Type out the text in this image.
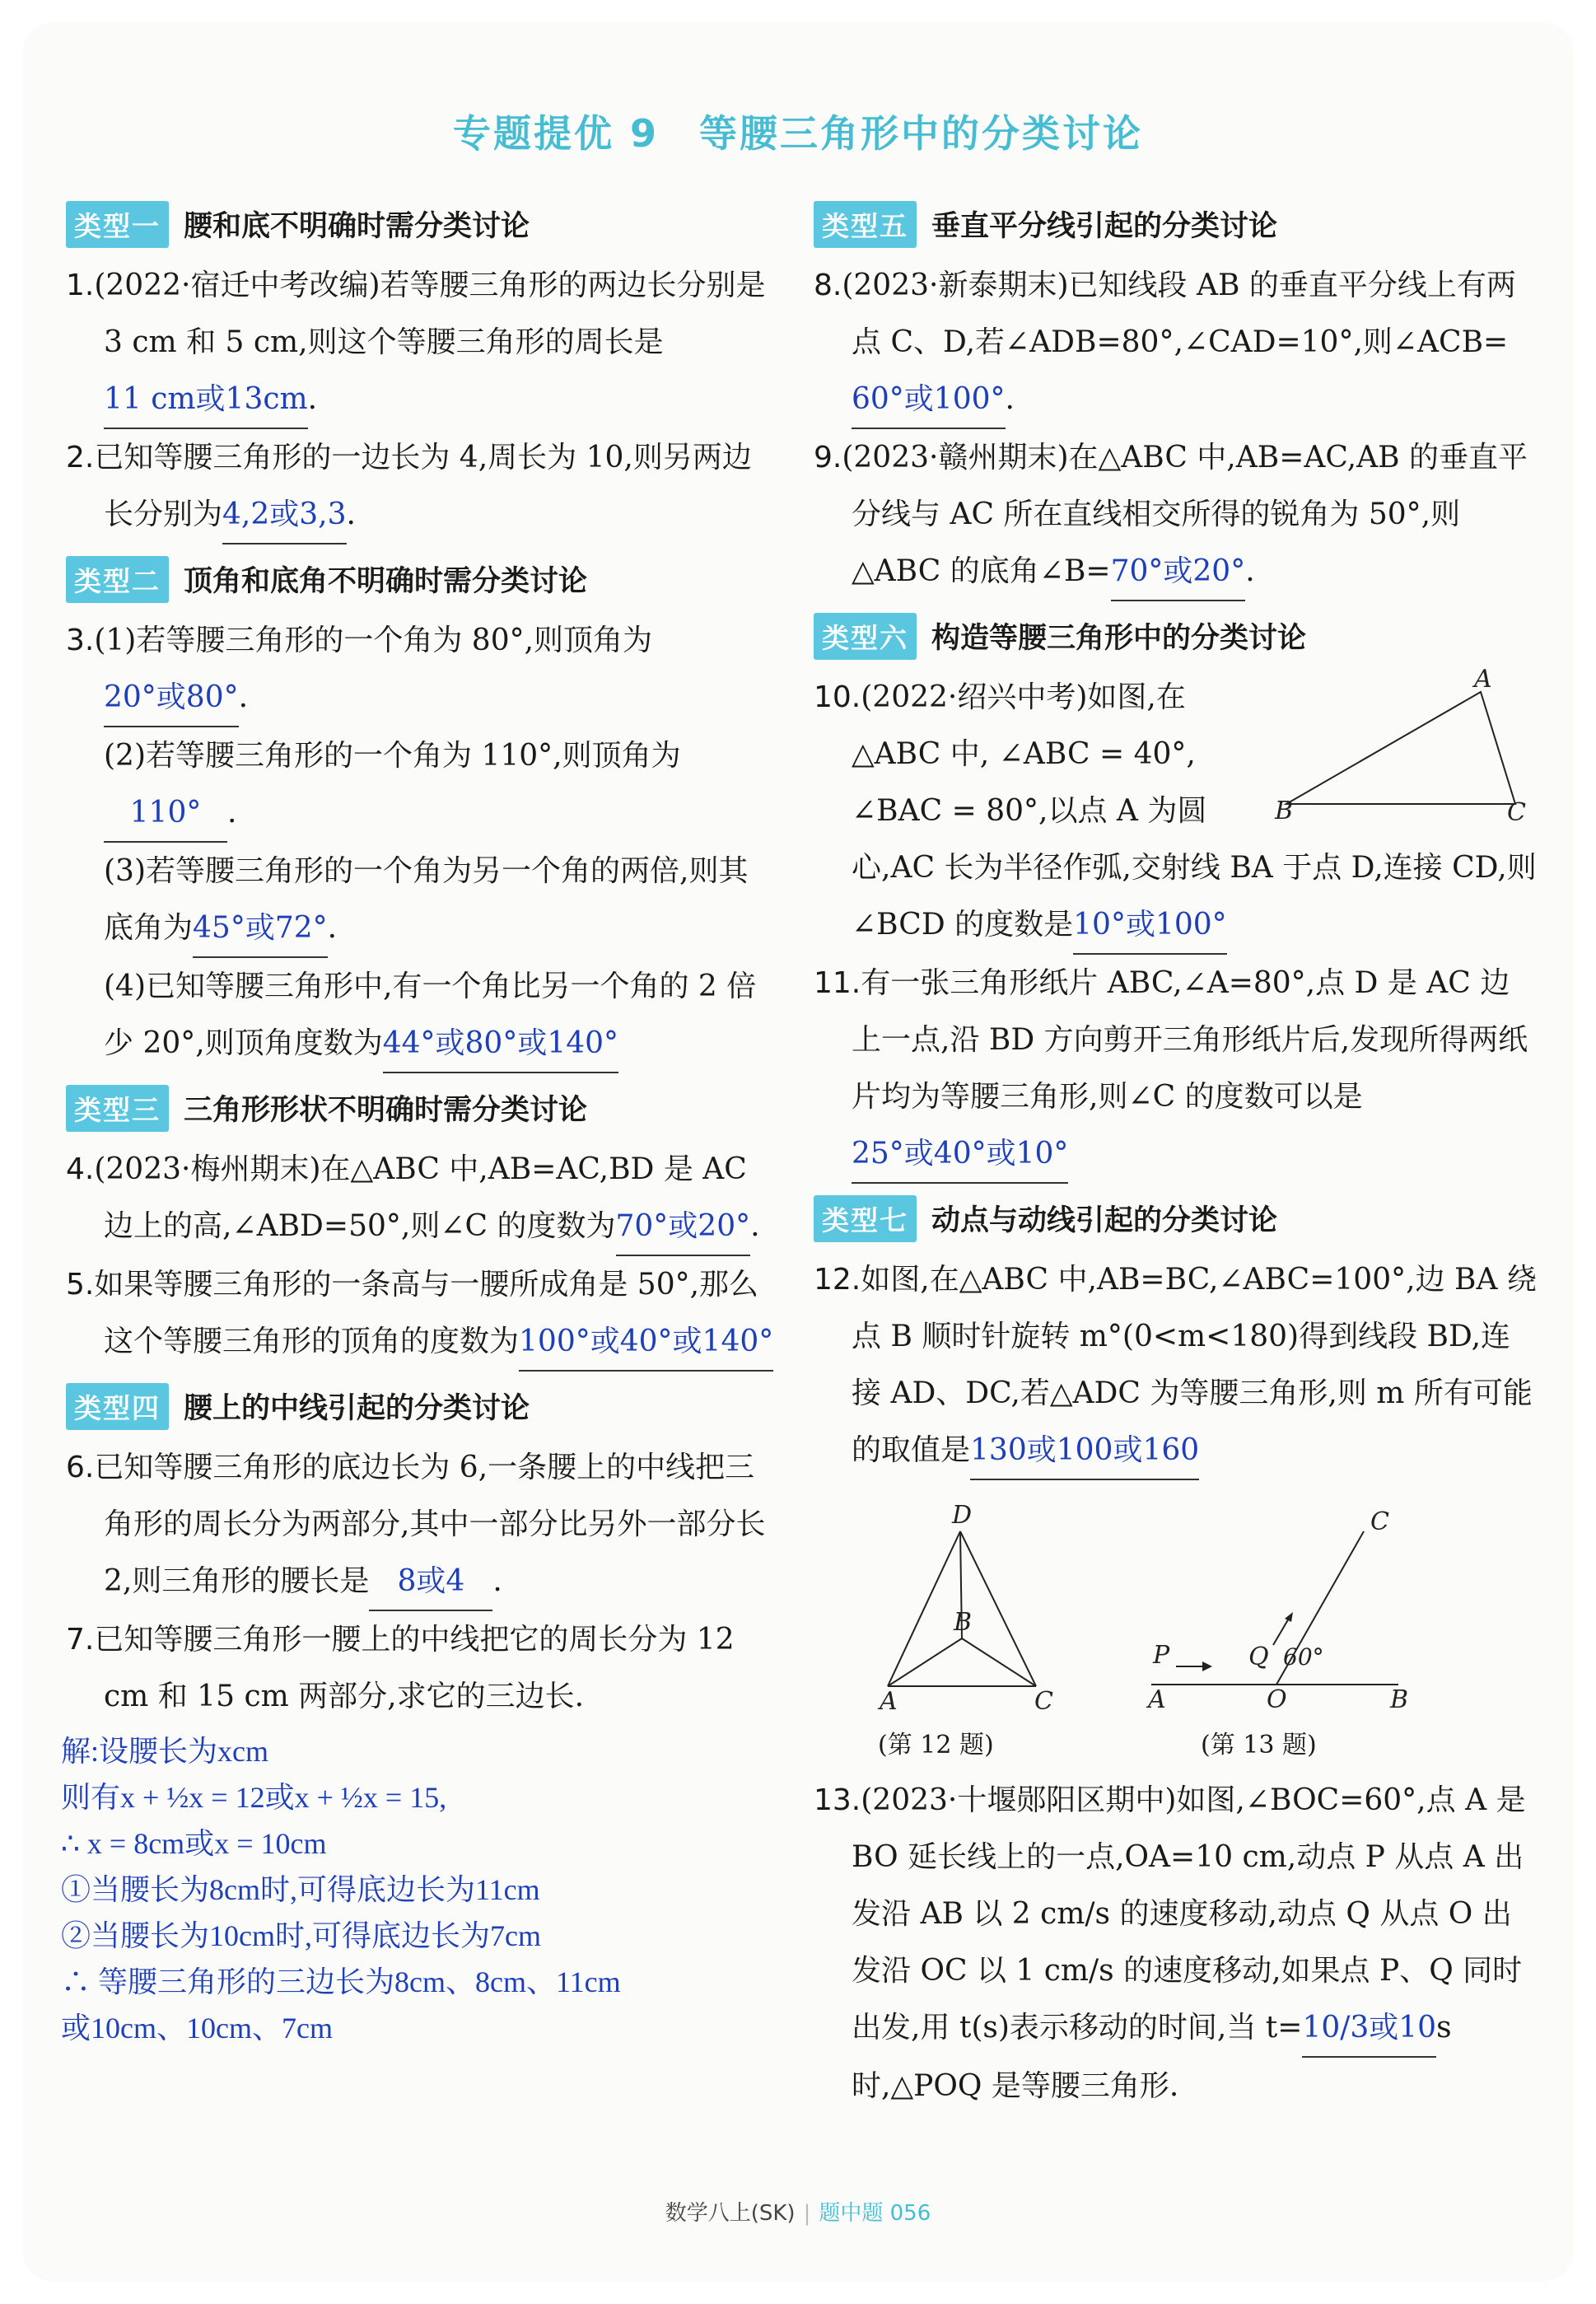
专题提优 9　等腰三角形中的分类讨论
类型一 腰和底不明确时需分类讨论
1.(2022·宿迁中考改编)若等腰三角形的两边长分别是 3 cm 和 5 cm,则这个等腰三角形的周长是11 cm或13cm.
2.已知等腰三角形的一边长为 4,周长为 10,则另两边长分别为4,2或3,3.
类型二 顶角和底角不明确时需分类讨论
3.(1)若等腰三角形的一个角为 80°,则顶角为20°或80°.
(2)若等腰三角形的一个角为 110°,则顶角为110° .
(3)若等腰三角形的一个角为另一个角的两倍,则其底角为45°或72°.
(4)已知等腰三角形中,有一个角比另一个角的 2 倍少 20°,则顶角度数为44°或80°或140°
类型三 三角形形状不明确时需分类讨论
4.(2023·梅州期末)在△ABC 中,AB=AC,BD 是 AC 边上的高,∠ABD=50°,则∠C 的度数为70°或20°.
5.如果等腰三角形的一条高与一腰所成角是 50°,那么这个等腰三角形的顶角的度数为100°或40°或140°
类型四 腰上的中线引起的分类讨论
6.已知等腰三角形的底边长为 6,一条腰上的中线把三角形的周长分为两部分,其中一部分比另外一部分长 2,则三角形的腰长是 8或4 .
7.已知等腰三角形一腰上的中线把它的周长分为 12 cm 和 15 cm 两部分,求它的三边长.
解:设腰长为xcm
则有x + ½x = 12或x + ½x = 15,
∴ x = 8cm或x = 10cm
①当腰长为8cm时,可得底边长为11cm
②当腰长为10cm时,可得底边长为7cm
∴ 等腰三角形的三边长为8cm、8cm、11cm
或10cm、10cm、7cm
类型五 垂直平分线引起的分类讨论
8.(2023·新泰期末)已知线段 AB 的垂直平分线上有两点 C、D,若∠ADB=80°,∠CAD=10°,则∠ACB=60°或100°.
9.(2023·赣州期末)在△ABC 中,AB=AC,AB 的垂直平分线与 AC 所在直线相交所得的锐角为 50°,则△ABC 的底角∠B=70°或20°.
类型六 构造等腰三角形中的分类讨论
10.(2022·绍兴中考)如图,在
△ABC 中, ∠ABC = 40°,
∠BAC = 80°,以点 A 为圆
心,AC 长为半径作弧,交射线 BA 于点 D,连接 CD,则∠BCD 的度数是10°或100°
A
B	C
11.有一张三角形纸片 ABC,∠A=80°,点 D 是 AC 边上一点,沿 BD 方向剪开三角形纸片后,发现所得两纸片均为等腰三角形,则∠C 的度数可以是25°或40°或10°
类型七 动点与动线引起的分类讨论
12.如图,在△ABC 中,AB=BC,∠ABC=100°,边 BA 绕点 B 顺时针旋转 m°(0<m<180)得到线段 BD,连接 AD、DC,若△ADC 为等腰三角形,则 m 所有可能的取值是130或100或160
D
B
A	C
C
P	Q 60°
A	O	B
(第 12 题)	(第 13 题)
13.(2023·十堰郧阳区期中)如图,∠BOC=60°,点 A 是 BO 延长线上的一点,OA=10 cm,动点 P 从点 A 出发沿 AB 以 2 cm/s 的速度移动,动点 Q 从点 O 出发沿 OC 以 1 cm/s 的速度移动,如果点 P、Q 同时出发,用 t(s)表示移动的时间,当 t=10/3或10s 时,△POQ 是等腰三角形.
数学八上(SK) | 题中题 056
